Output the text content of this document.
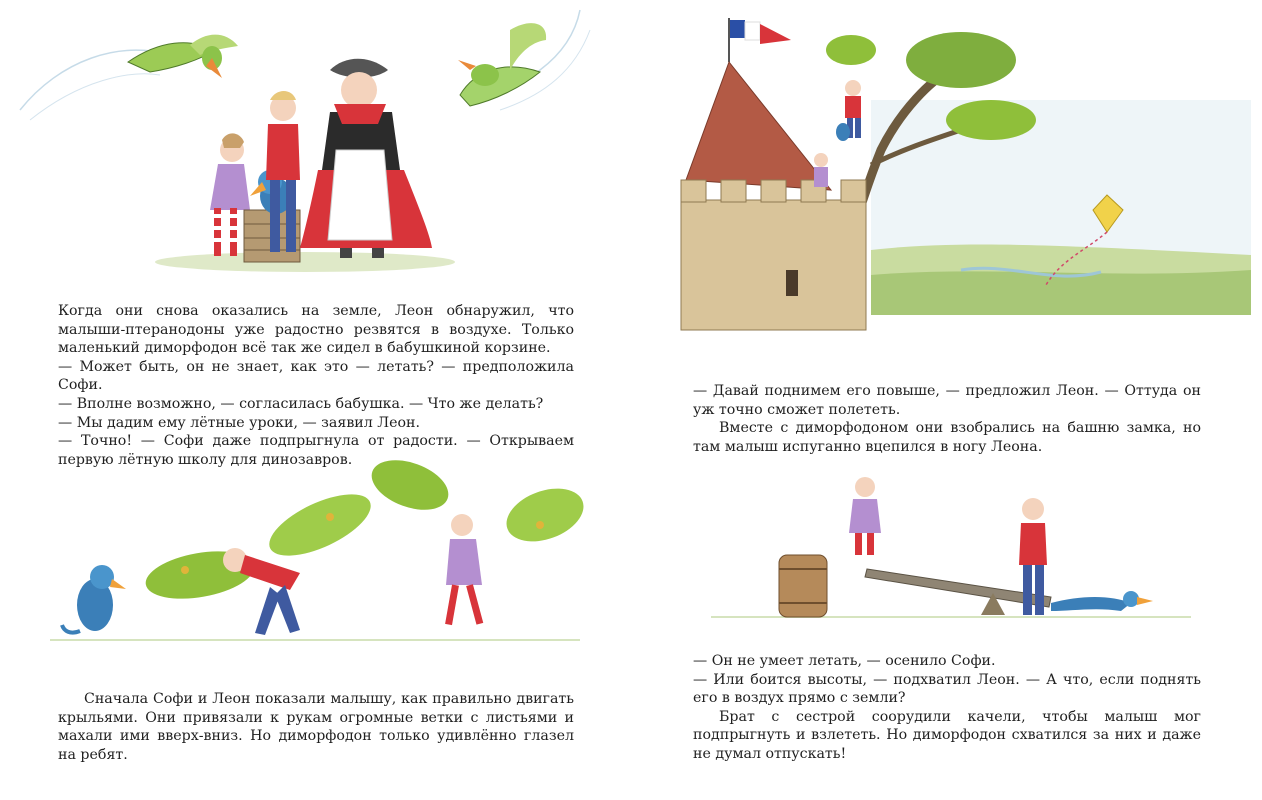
Когда они снова оказались на земле, Леон обнаружил, что малыши-птеранодоны уже радостно резвятся в воздухе. Только маленький диморфодон всё так же сидел в бабушкиной корзине.

— Может быть, он не знает, как это — летать? — предположила Софи.

— Вполне возможно, — согласилась бабушка. — Что же делать?

— Мы дадим ему лётные уроки, — заявил Леон.

— Точно! — Софи даже подпрыгнула от радости. — Открываем первую лётную школу для динозавров.

Сначала Софи и Леон показали малышу, как правильно двигать крыльями. Они привязали к рукам огромные ветки с листьями и махали ими вверх-вниз. Но диморфодон только удивлённо глазел на ребят.

— Давай поднимем его повыше, — предложил Леон. — Оттуда он уж точно сможет полететь.

Вместе с диморфодоном они взобрались на башню замка, но там малыш испуганно вцепился в ногу Леона.

— Он не умеет летать, — осенило Софи.

— Или боится высоты, — подхватил Леон. — А что, если поднять его в воздух прямо с земли?

Брат с сестрой соорудили качели, чтобы малыш мог подпрыгнуть и взлететь. Но диморфодон схватился за них и даже не думал отпускать!
